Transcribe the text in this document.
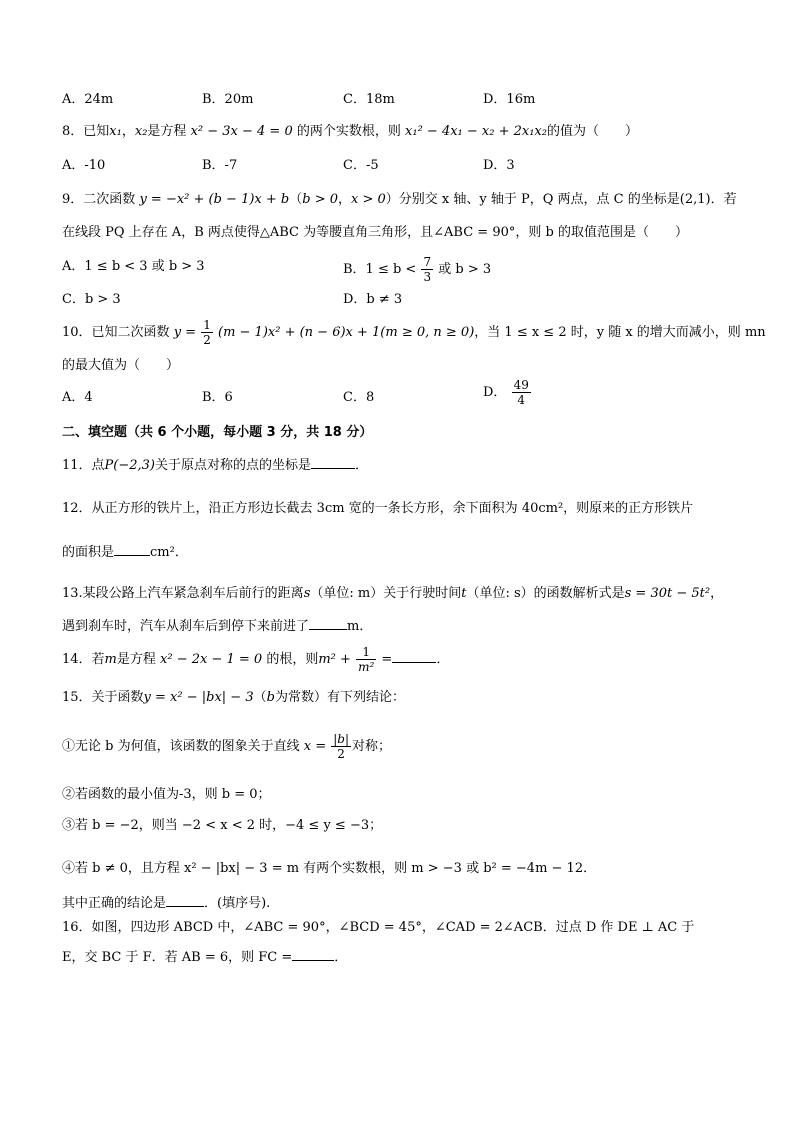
A．24m	B．20m	C．18m	D．16m
8．已知x₁，x₂是方程 x² − 3x − 4 = 0 的两个实数根，则 x₁² − 4x₁ − x₂ + 2x₁x₂的值为（　　）
A．-10	B．-7	C．-5	D．3
9．二次函数 y = −x² + (b − 1)x + b（b > 0，x > 0）分别交 x 轴、y 轴于 P，Q 两点，点 C 的坐标是(2,1)．若
在线段 PQ 上存在 A，B 两点使得△ABC 为等腰直角三角形，且∠ABC = 90°，则 b 的取值范围是（　　）
A．1 ≤ b < 3 或 b > 3	B．$1 \le b < \frac{7}{3}$ 或 b > 3
C．b > 3	D．b ≠ 3
10．已知二次函数 $y = \frac{1}{2} (m - 1)x^2 + (n - 6)x + 1(m \ge 0$, n ≥ 0)，当 1 ≤ x ≤ 2 时，y 随 x 的增大而减小，则 mn
的最大值为（　　）
A．4	B．6	C．8	D． $\frac{49}{4}$
二、填空题（共 6 个小题，每小题 3 分，共 18 分）
11．点P(−2,3)关于原点对称的点的坐标是	．
12．从正方形的铁片上，沿正方形边长截去 3cm 宽的一条长方形，余下面积为 40cm²，则原来的正方形铁片
的面积是	cm²．
13.某段公路上汽车紧急刹车后前行的距离s（单位: m）关于行驶时间t（单位: s）的函数解析式是s = 30t − 5t²，
遇到刹车时，汽车从刹车后到停下来前进了	m．
14．若m是方程 x² − 2x − 1 = 0 的根，则$m^2 + \frac{1}{\text{m²}}$ =	．
15．关于函数y = x² − |bx| − 3（b为常数）有下列结论：
①无论 b 为何值，该函数的图象关于直线 $x = \frac{|b|}{2}$ 对称；
②若函数的最小值为-3，则 b = 0；
③若 b = −2，则当 −2 < x < 2 时，−4 ≤ y ≤ −3；
④若 b ≠ 0，且方程 x² − |bx| − 3 = m 有两个实数根，则 m > −3 或 b² = −4m − 12．
其中正确的结论是	．(填序号).
16．如图，四边形 ABCD 中，∠ABC = 90°，∠BCD = 45°，∠CAD = 2∠ACB．过点 D 作 DE ⊥ AC 于
E，交 BC 于 F．若 AB = 6，则 FC =	．
